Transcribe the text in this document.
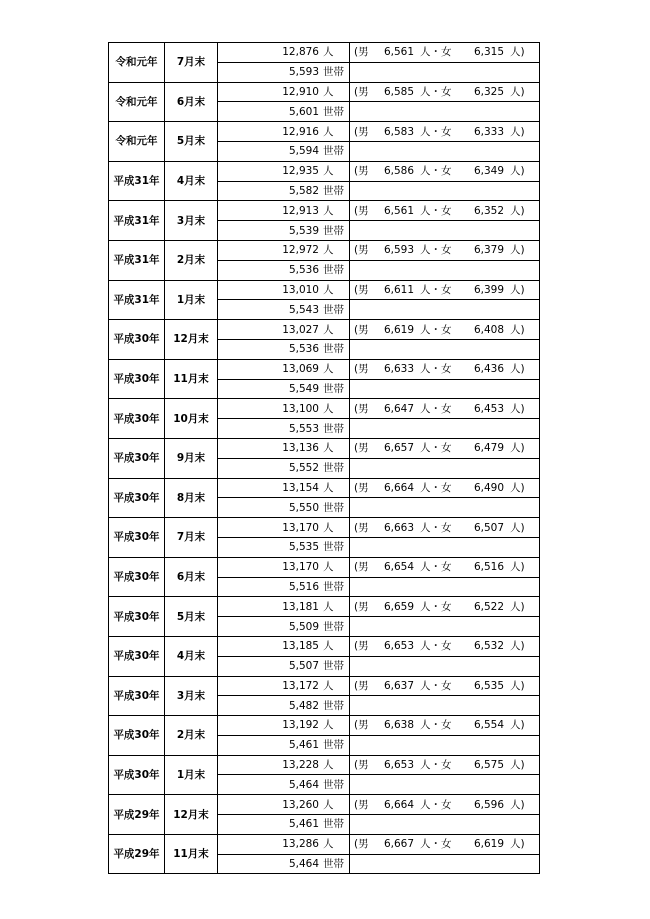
令和元年	7月末	12,876 人	(男 6,561 人・女 6,315 人)

		5,593 世帯	
令和元年	6月末	12,910 人	(男 6,585 人・女 6,325 人)

		5,601 世帯	
令和元年	5月末	12,916 人	(男 6,583 人・女 6,333 人)

		5,594 世帯	
平成31年	4月末	12,935 人	(男 6,586 人・女 6,349 人)

		5,582 世帯	
平成31年	3月末	12,913 人	(男 6,561 人・女 6,352 人)

		5,539 世帯	
平成31年	2月末	12,972 人	(男 6,593 人・女 6,379 人)

		5,536 世帯	
平成31年	1月末	13,010 人	(男 6,611 人・女 6,399 人)

		5,543 世帯	
平成30年	12月末	13,027 人	(男 6,619 人・女 6,408 人)

		5,536 世帯	
平成30年	11月末	13,069 人	(男 6,633 人・女 6,436 人)

		5,549 世帯	
平成30年	10月末	13,100 人	(男 6,647 人・女 6,453 人)

		5,553 世帯	
平成30年	9月末	13,136 人	(男 6,657 人・女 6,479 人)

		5,552 世帯	
平成30年	8月末	13,154 人	(男 6,664 人・女 6,490 人)

		5,550 世帯	
平成30年	7月末	13,170 人	(男 6,663 人・女 6,507 人)

		5,535 世帯	
平成30年	6月末	13,170 人	(男 6,654 人・女 6,516 人)

		5,516 世帯	
平成30年	5月末	13,181 人	(男 6,659 人・女 6,522 人)

		5,509 世帯	
平成30年	4月末	13,185 人	(男 6,653 人・女 6,532 人)

		5,507 世帯	
平成30年	3月末	13,172 人	(男 6,637 人・女 6,535 人)

		5,482 世帯	
平成30年	2月末	13,192 人	(男 6,638 人・女 6,554 人)

		5,461 世帯	
平成30年	1月末	13,228 人	(男 6,653 人・女 6,575 人)

		5,464 世帯	
平成29年	12月末	13,260 人	(男 6,664 人・女 6,596 人)

		5,461 世帯	
平成29年	11月末	13,286 人	(男 6,667 人・女 6,619 人)

		5,464 世帯	
